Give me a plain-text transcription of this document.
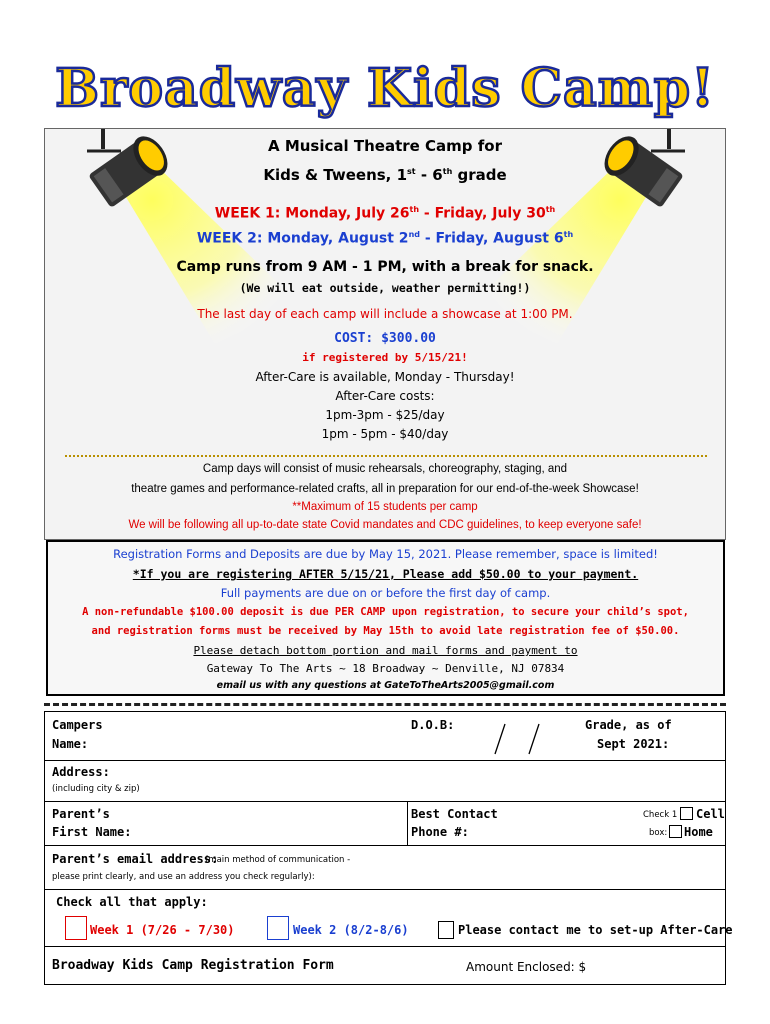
Broadway Kids Camp!
A Musical Theatre Camp for
Kids & Tweens, 1st - 6th grade
WEEK 1: Monday, July 26th - Friday, July 30th
WEEK 2: Monday, August 2nd - Friday, August 6th
Camp runs from 9 AM - 1 PM, with a break for snack.
(We will eat outside, weather permitting!)
The last day of each camp will include a showcase at 1:00 PM.
COST: $300.00
if registered by 5/15/21!
After-Care is available, Monday - Thursday!
After-Care costs:
1pm-3pm - $25/day
1pm - 5pm - $40/day
Camp days will consist of music rehearsals, choreography, staging, and
theatre games and performance-related crafts, all in preparation for our end-of-the-week Showcase!
**Maximum of 15 students per camp
We will be following all up-to-date state Covid mandates and CDC guidelines, to keep everyone safe!
Registration Forms and Deposits are due by May 15, 2021. Please remember, space is limited!
*If you are registering AFTER 5/15/21, Please add $50.00 to your payment.
Full payments are due on or before the first day of camp.
A non-refundable $100.00 deposit is due PER CAMP upon registration, to secure your child’s spot,
and registration forms must be received by May 15th to avoid late registration fee of $50.00.
Please detach bottom portion and mail forms and payment to
Gateway To The Arts ~ 18 Broadway ~ Denville, NJ 07834
email us with any questions at GateToTheArts2005@gmail.com
Campers
Name:
D.O.B:	Grade, as of
Sept 2021:
Address:
(including city & zip)
Parent’s
First Name:
Best Contact
Phone #:
Check 1
box:
Cell
Home
Parent’s email address:
(main method of communication -
please print clearly, and use an address you check regularly):
Check all that apply:
Week 1 (7/26 - 7/30)	Week 2 (8/2-8/6)	Please contact me to set-up After-Care
Broadway Kids Camp Registration Form	Amount Enclosed: $
